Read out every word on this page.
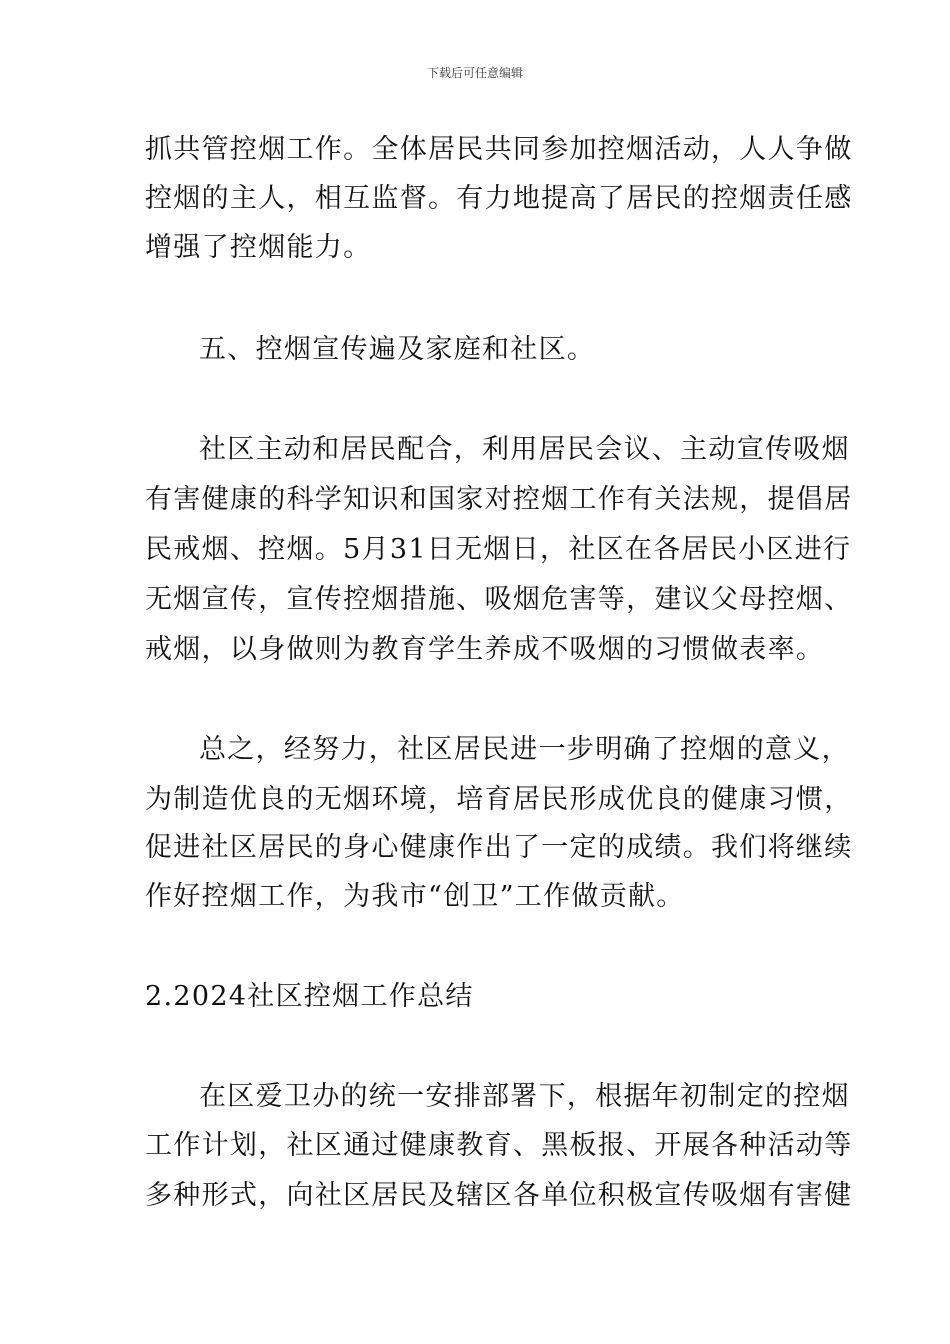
下载后可任意编辑
抓共管控烟工作。全体居民共同参加控烟活动，人人争做
控烟的主人，相互监督。有力地提高了居民的控烟责任感
增强了控烟能力。
五、控烟宣传遍及家庭和社区。
社区主动和居民配合，利用居民会议、主动宣传吸烟
有害健康的科学知识和国家对控烟工作有关法规，提倡居
民戒烟、控烟。5月31日无烟日，社区在各居民小区进行
无烟宣传，宣传控烟措施、吸烟危害等，建议父母控烟、
戒烟，以身做则为教育学生养成不吸烟的习惯做表率。
总之，经努力，社区居民进一步明确了控烟的意义，
为制造优良的无烟环境，培育居民形成优良的健康习惯，
促进社区居民的身心健康作出了一定的成绩。我们将继续
作好控烟工作，为我市“创卫”工作做贡献。
2.2024社区控烟工作总结
在区爱卫办的统一安排部署下，根据年初制定的控烟
工作计划，社区通过健康教育、黑板报、开展各种活动等
多种形式，向社区居民及辖区各单位积极宣传吸烟有害健
